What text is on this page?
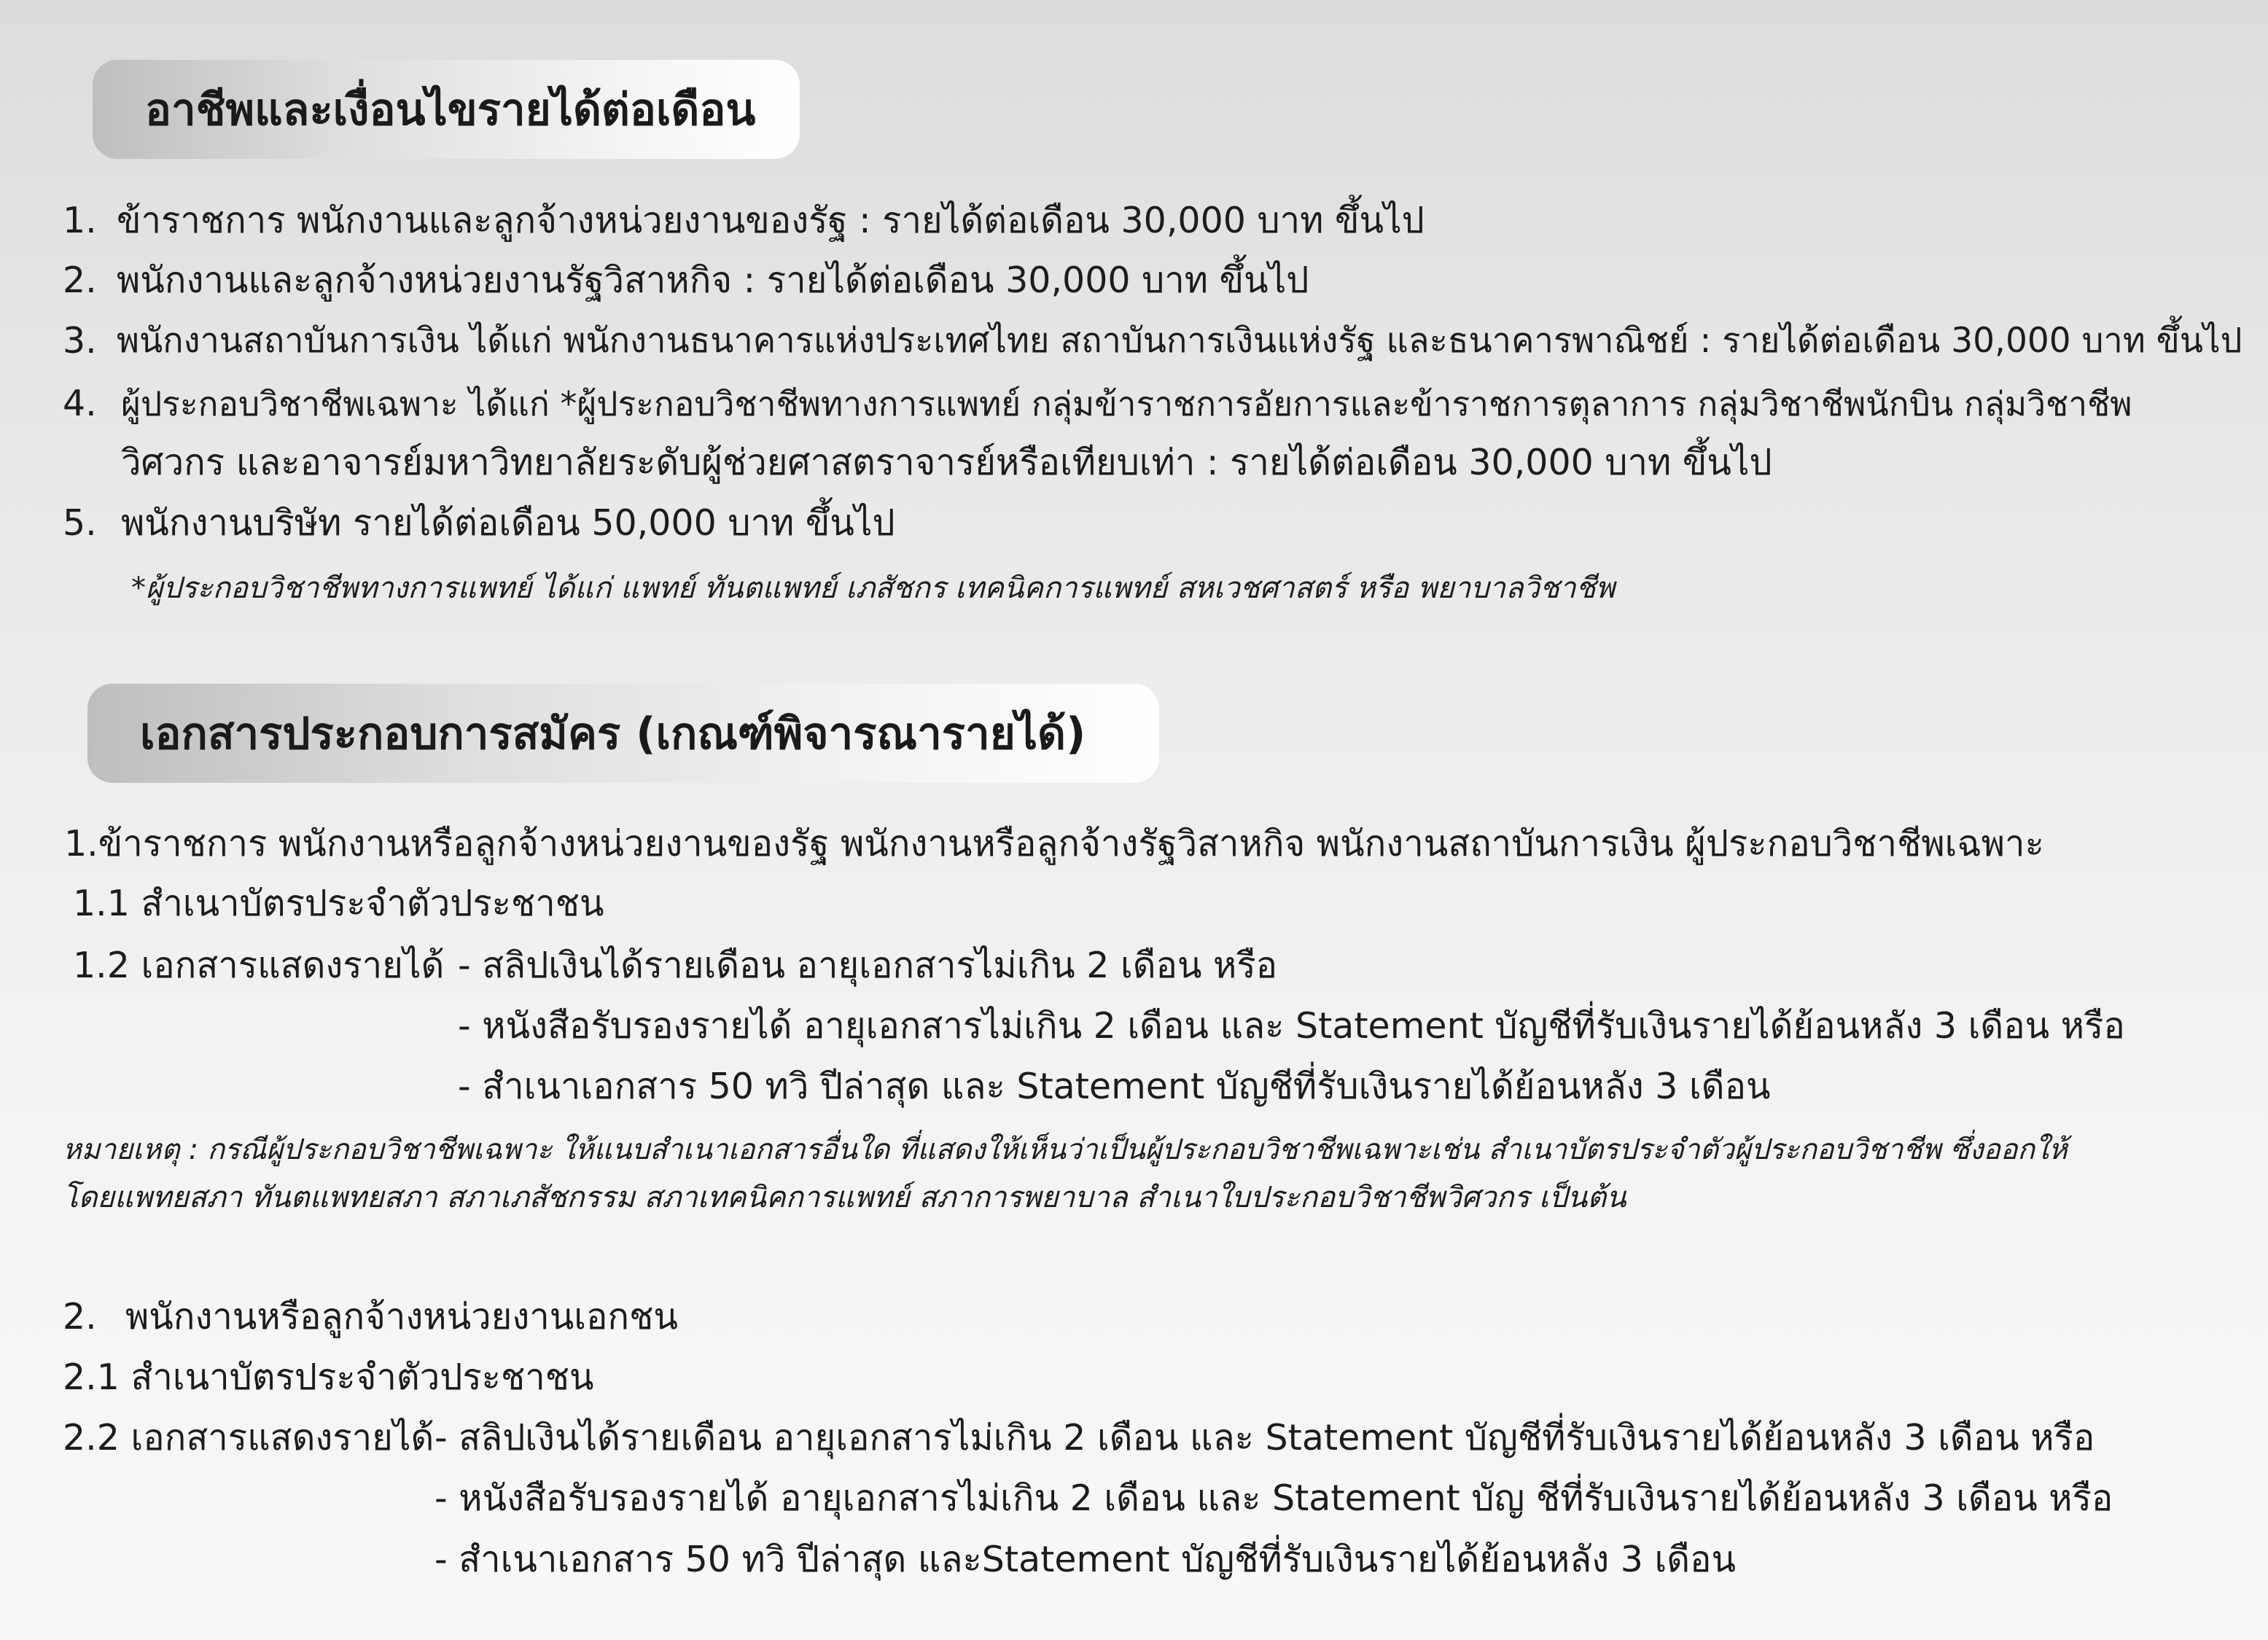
อาชีพและเงื่อนไขรายได้ต่อเดือน
1. ข้าราชการ พนักงานและลูกจ้างหน่วยงานของรัฐ : รายได้ต่อเดือน 30,000 บาท ขึ้นไป
2. พนักงานและลูกจ้างหน่วยงานรัฐวิสาหกิจ : รายได้ต่อเดือน 30,000 บาท ขึ้นไป
3. พนักงานสถาบันการเงิน ได้แก่ พนักงานธนาคารแห่งประเทศไทย สถาบันการเงินแห่งรัฐ และธนาคารพาณิชย์ : รายได้ต่อเดือน 30,000 บาท ขึ้นไป
4. ผู้ประกอบวิชาชีพเฉพาะ ได้แก่ *ผู้ประกอบวิชาชีพทางการแพทย์ กลุ่มข้าราชการอัยการและข้าราชการตุลาการ กลุ่มวิชาชีพนักบิน กลุ่มวิชาชีพ
วิศวกร และอาจารย์มหาวิทยาลัยระดับผู้ช่วยศาสตราจารย์หรือเทียบเท่า : รายได้ต่อเดือน 30,000 บาท ขึ้นไป
5. พนักงานบริษัท รายได้ต่อเดือน 50,000 บาท ขึ้นไป
*ผู้ประกอบวิชาชีพทางการแพทย์ ได้แก่ แพทย์ ทันตแพทย์ เภสัชกร เทคนิคการแพทย์ สหเวชศาสตร์ หรือ พยาบาลวิชาชีพ
เอกสารประกอบการสมัคร (เกณฑ์พิจารณารายได้)
1.ข้าราชการ พนักงานหรือลูกจ้างหน่วยงานของรัฐ พนักงานหรือลูกจ้างรัฐวิสาหกิจ พนักงานสถาบันการเงิน ผู้ประกอบวิชาชีพเฉพาะ
1.1 สำเนาบัตรประจำตัวประชาชน
1.2 เอกสารแสดงรายได้ - สลิปเงินได้รายเดือน อายุเอกสารไม่เกิน 2 เดือน หรือ
- หนังสือรับรองรายได้ อายุเอกสารไม่เกิน 2 เดือน และ Statement บัญชีที่รับเงินรายได้ย้อนหลัง 3 เดือน หรือ
- สำเนาเอกสาร 50 ทวิ ปีล่าสุด และ Statement บัญชีที่รับเงินรายได้ย้อนหลัง 3 เดือน
หมายเหตุ : กรณีผู้ประกอบวิชาชีพเฉพาะ ให้แนบสำเนาเอกสารอื่นใด ที่แสดงให้เห็นว่าเป็นผู้ประกอบวิชาชีพเฉพาะเช่น สำเนาบัตรประจำตัวผู้ประกอบวิชาชีพ ซึ่งออกให้
โดยแพทยสภา ทันตแพทยสภา สภาเภสัชกรรม สภาเทคนิคการแพทย์ สภาการพยาบาล สำเนาใบประกอบวิชาชีพวิศวกร เป็นต้น
2. พนักงานหรือลูกจ้างหน่วยงานเอกชน
2.1 สำเนาบัตรประจำตัวประชาชน
2.2 เอกสารแสดงรายได้ - สลิปเงินได้รายเดือน อายุเอกสารไม่เกิน 2 เดือน และ Statement บัญชีที่รับเงินรายได้ย้อนหลัง 3 เดือน หรือ
- หนังสือรับรองรายได้ อายุเอกสารไม่เกิน 2 เดือน และ Statement บัญ ชีที่รับเงินรายได้ย้อนหลัง 3 เดือน หรือ
- สำเนาเอกสาร 50 ทวิ ปีล่าสุด และStatement บัญชีที่รับเงินรายได้ย้อนหลัง 3 เดือน
